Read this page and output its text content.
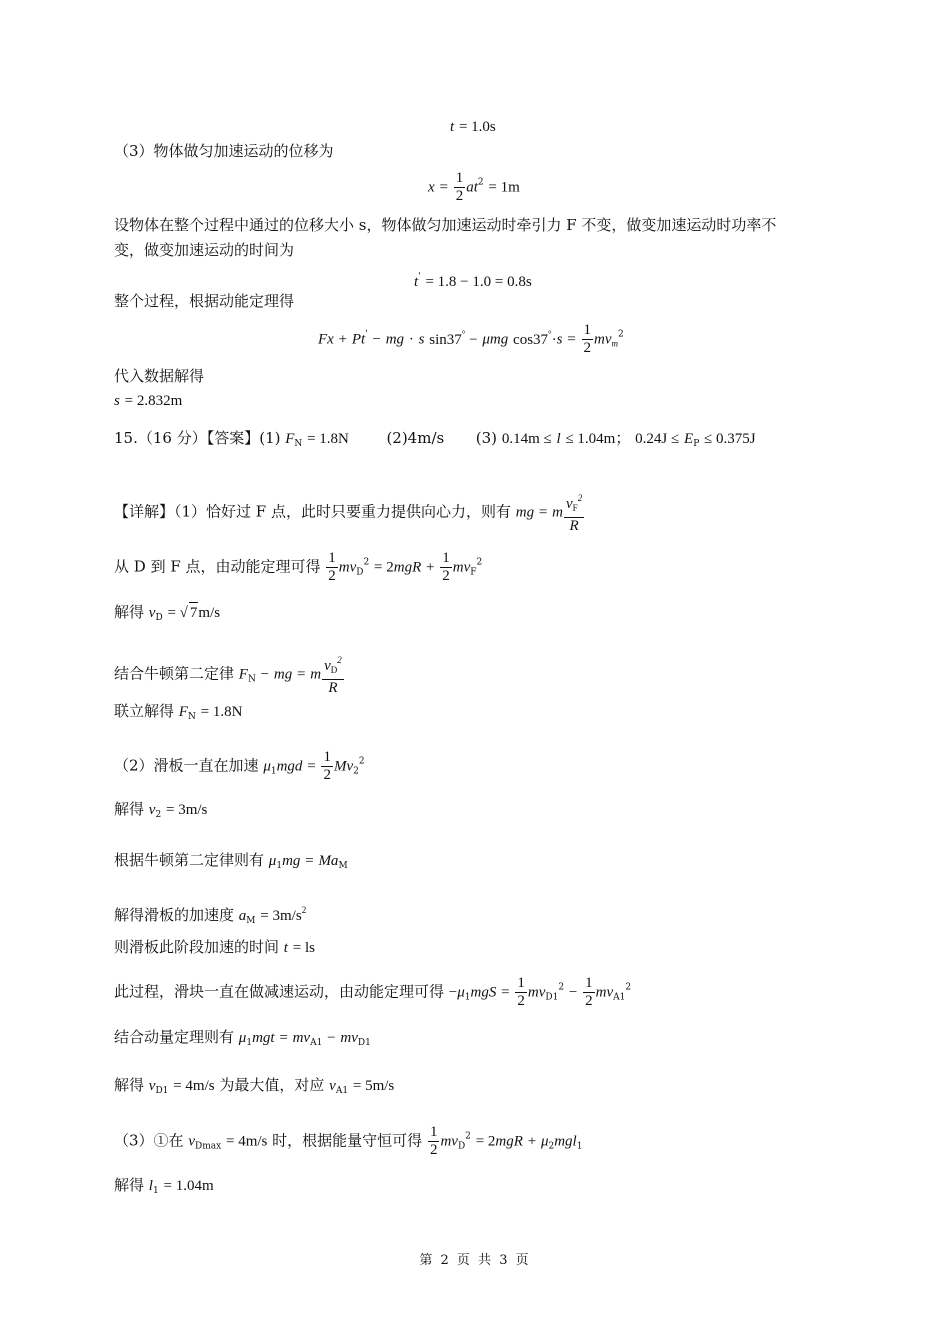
t = 1.0s
（3）物体做匀加速运动的位移为
$x = \frac{1}{2} at^2 = 1m$
设物体在整个过程中通过的位移大小 s，物体做匀加速运动时牵引力 F 不变，做变加速运动时功率不
变，做变加速运动的时间为
t' = 1.8 − 1.0 = 0.8s
整个过程，根据动能定理得
Fx + Pt' − mg · s sin37° − μmg $\cos 37^\circ\cdot s = \frac{1}{2} mv_m^2$
代入数据解得
s = 2.832m
15.（16 分）【答案】(1) $F_N = 1.8N$	(2)4m/s (3) 0.14m ≤ l ≤ 1.04m； $0.24J \le E_P \le 0.375J$
【详解】（1）恰好过 F 点，此时只要重力提供向心力，则有 mg = m $\frac{v_F^2}{R}$
从 D 到 F 点，由动能定理可得 $\frac{1}{2} mv_D^2 = 2mgR + \frac{1}{2} mv_F^2$
解得 $v_D$ = √ 7m/s
结合牛顿第二定律 $F_N$ − mg = m $\frac{v_D^2}{R}$
联立解得 $F_N = 1.8N$
（2）滑板一直在加速 $\mu_1mgd = \frac{1}{2} Mv_2^2$
解得 $v_2 = 3m/s$
根据牛顿第二定律则有 $\mu_1mg = Ma_M$
解得滑板的加速度 $a_M = 3m/s^2$
则滑板此阶段加速的时间 t = ls
此过程，滑块一直在做减速运动，由动能定理可得 $-\mu_1mgS = \frac{1}{2} mv_{D1}^2 - \frac{1}{2} mv_{A1}^2$
结合动量定理则有 $\mu_1mgt = mv_{A1} - mv_{D1}$
解得 $v_{D1} = 4m/s$ 为最大值，对应 $v_{A1} = 5m/s$
（3）①在 $v_{Dmax} = 4m/s$ 时，根据能量守恒可得 $\frac{1}{2} mv_D^2 = 2mgR + \mu_2mgl_1$
解得 $l_1 = 1.04m$
第 2 页 共 3 页
